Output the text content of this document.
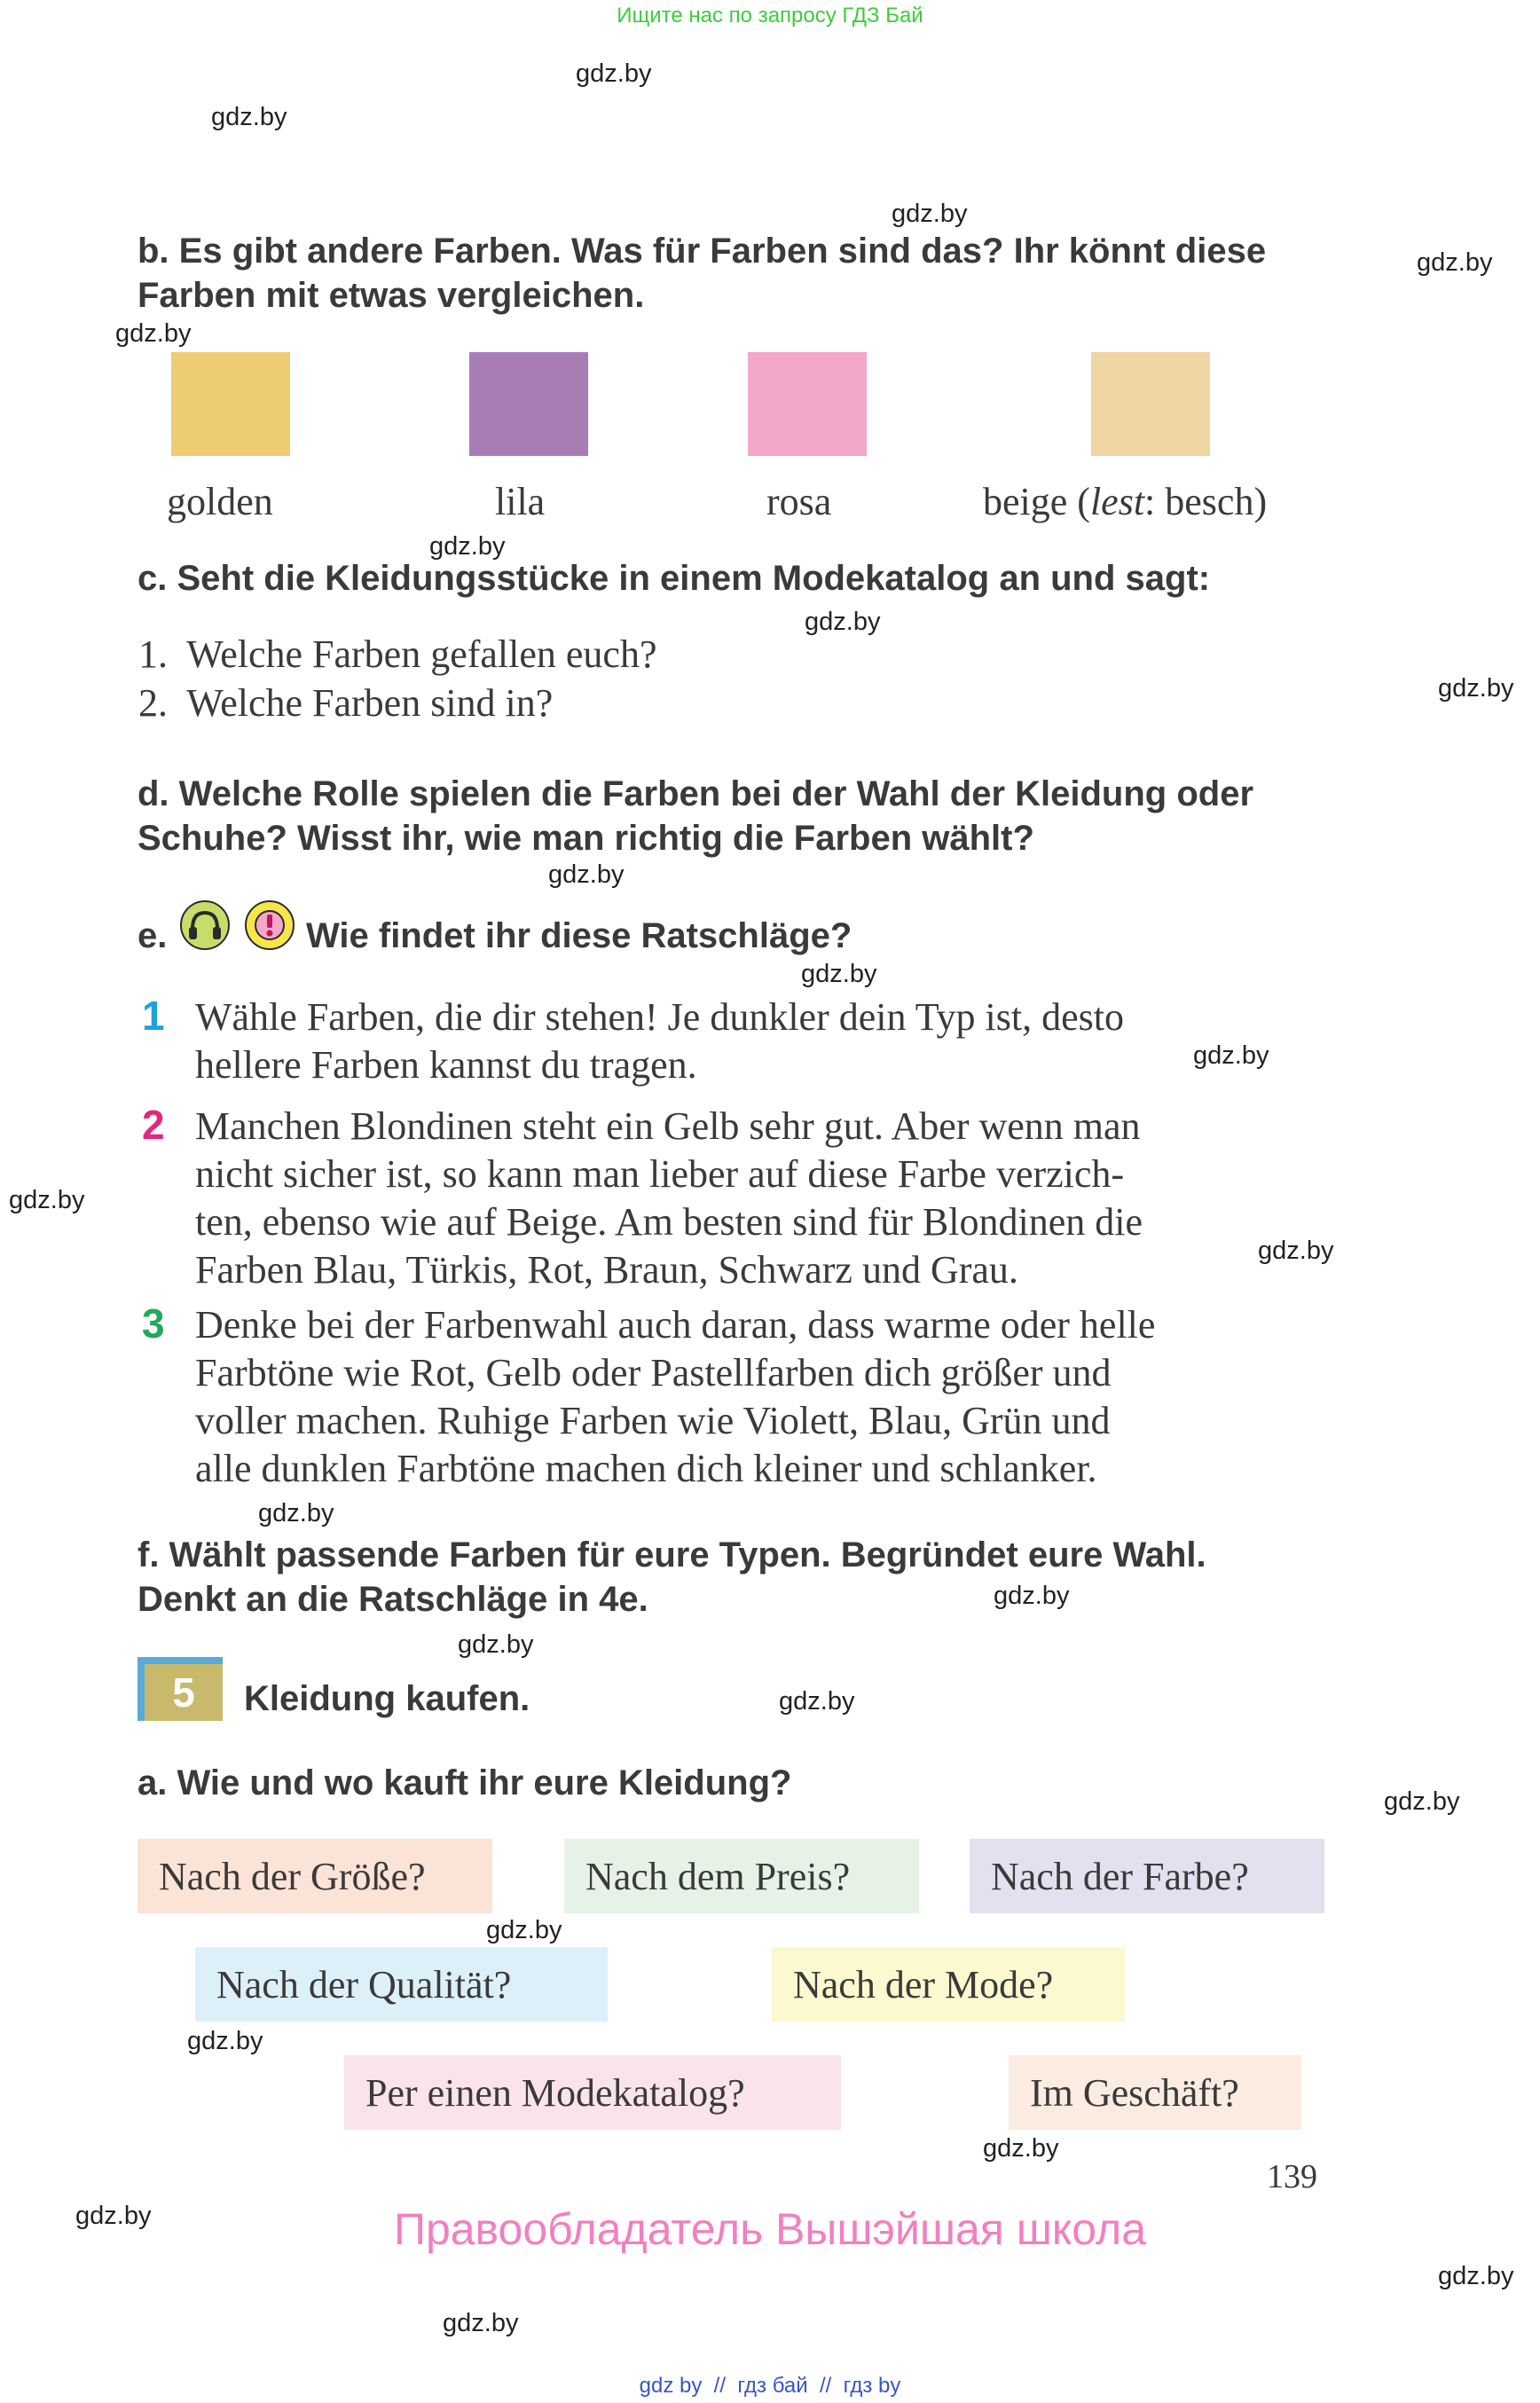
Ищите нас по запросу ГДЗ Бай
gdz.by
gdz.by
gdz.by
gdz.by
gdz.by
gdz.by
gdz.by
gdz.by
gdz.by
gdz.by
gdz.by
gdz.by
gdz.by
gdz.by
gdz.by
gdz.by
gdz.by
gdz.by
gdz.by
gdz.by
gdz.by
gdz.by
gdz.by
gdz.by
b. Es gibt andere Farben. Was für Farben sind das? Ihr könnt diese
Farben mit etwas vergleichen.
golden	lila	rosa	beige (lest: besch)
c. Seht die Kleidungsstücke in einem Modekatalog an und sagt:
1.  Welche Farben gefallen euch?
2.  Welche Farben sind in?
d. Welche Rolle spielen die Farben bei der Wahl der Kleidung oder
Schuhe? Wisst ihr, wie man richtig die Farben wählt?
e.	Wie findet ihr diese Ratschläge?
1 Wähle Farben, die dir stehen! Je dunkler dein Typ ist, desto
hellere Farben kannst du tragen.
2 Manchen Blondinen steht ein Gelb sehr gut. Aber wenn man
nicht sicher ist, so kann man lieber auf diese Farbe verzich-
ten, ebenso wie auf Beige. Am besten sind für Blondinen die
Farben Blau, Türkis, Rot, Braun, Schwarz und Grau.
3 Denke bei der Farbenwahl auch daran, dass warme oder helle
Farbtöne wie Rot, Gelb oder Pastellfarben dich größer und
voller machen. Ruhige Farben wie Violett, Blau, Grün und
alle dunklen Farbtöne machen dich kleiner und schlanker.
f. Wählt passende Farben für eure Typen. Begründet eure Wahl.
Denkt an die Ratschläge in 4e.
5	Kleidung kaufen.
a. Wie und wo kauft ihr eure Kleidung?
Nach der Größe?	Nach dem Preis?	Nach der Farbe?
Nach der Qualität?	Nach der Mode?
Per einen Modekatalog?	Im Geschäft?
139
Правообладатель Вышэйшая школа
gdz by  //  гдз бай  //  гдз by
